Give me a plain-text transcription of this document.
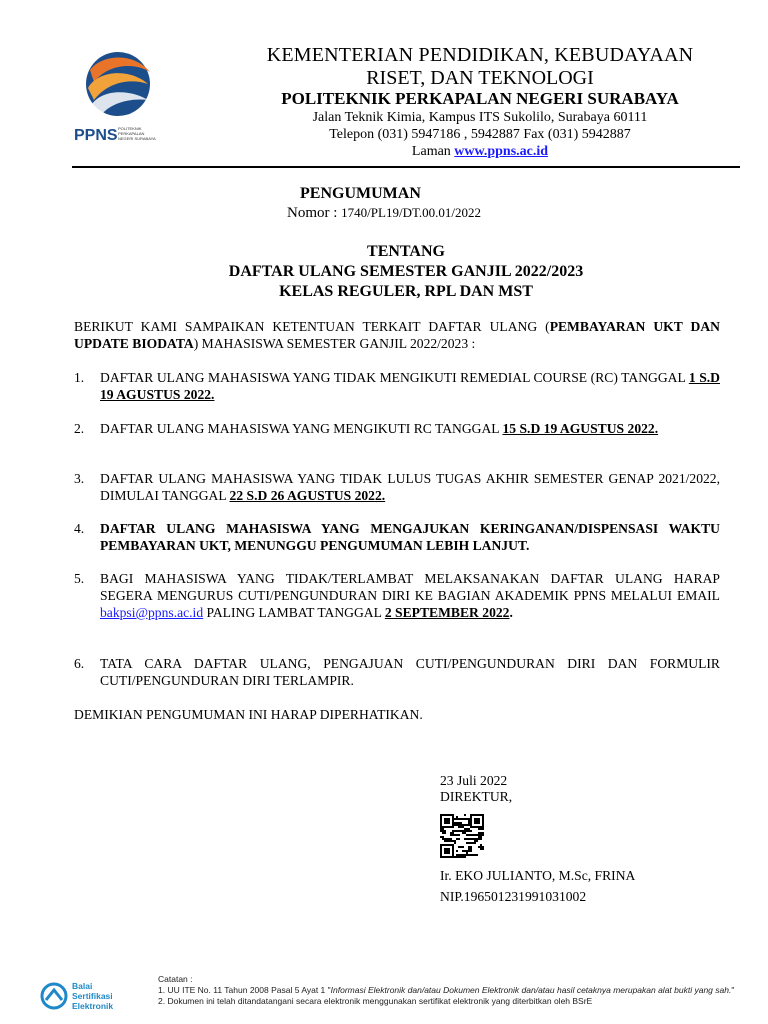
PPNS POLITEKNIK
PERKAPALAN
NEGERI SURABAYA
KEMENTERIAN PENDIDIKAN, KEBUDAYAAN
RISET, DAN TEKNOLOGI
POLITEKNIK PERKAPALAN NEGERI SURABAYA
Jalan Teknik Kimia, Kampus ITS Sukolilo, Surabaya 60111
Telepon (031) 5947186 , 5942887 Fax (031) 5942887
Laman www.ppns.ac.id
PENGUMUMAN
Nomor : 1740/PL19/DT.00.01/2022
TENTANG
DAFTAR ULANG SEMESTER GANJIL 2022/2023
KELAS REGULER, RPL DAN MST
BERIKUT KAMI SAMPAIKAN KETENTUAN TERKAIT DAFTAR ULANG (PEMBAYARAN UKT DAN UPDATE BIODATA) MAHASISWA SEMESTER GANJIL 2022/2023 :
1. DAFTAR ULANG MAHASISWA YANG TIDAK MENGIKUTI REMEDIAL COURSE (RC) TANGGAL 1 S.D 19 AGUSTUS 2022.
2. DAFTAR ULANG MAHASISWA YANG MENGIKUTI RC TANGGAL 15 S.D 19 AGUSTUS 2022.
3. DAFTAR ULANG MAHASISWA YANG TIDAK LULUS TUGAS AKHIR SEMESTER GENAP 2021/2022, DIMULAI TANGGAL 22 S.D 26 AGUSTUS 2022.
4. DAFTAR ULANG MAHASISWA YANG MENGAJUKAN KERINGANAN/DISPENSASI WAKTU PEMBAYARAN UKT, MENUNGGU PENGUMUMAN LEBIH LANJUT.
5. BAGI MAHASISWA YANG TIDAK/TERLAMBAT MELAKSANAKAN DAFTAR ULANG HARAP SEGERA MENGURUS CUTI/PENGUNDURAN DIRI KE BAGIAN AKADEMIK PPNS MELALUI EMAIL bakpsi@ppns.ac.id PALING LAMBAT TANGGAL 2 SEPTEMBER 2022.
6. TATA CARA DAFTAR ULANG, PENGAJUAN CUTI/PENGUNDURAN DIRI DAN FORMULIR CUTI/PENGUNDURAN DIRI TERLAMPIR.
DEMIKIAN PENGUMUMAN INI HARAP DIPERHATIKAN.
23 Juli 2022
DIREKTUR,
Ir. EKO JULIANTO, M.Sc, FRINA
NIP.196501231991031002
Balai
Sertifikasi
Elektronik
Catatan :
1. UU ITE No. 11 Tahun 2008 Pasal 5 Ayat 1 "Informasi Elektronik dan/atau Dokumen Elektronik dan/atau hasil cetaknya merupakan alat bukti yang sah."
2. Dokumen ini telah ditandatangani secara elektronik menggunakan sertifikat elektronik yang diterbitkan oleh BSrE
